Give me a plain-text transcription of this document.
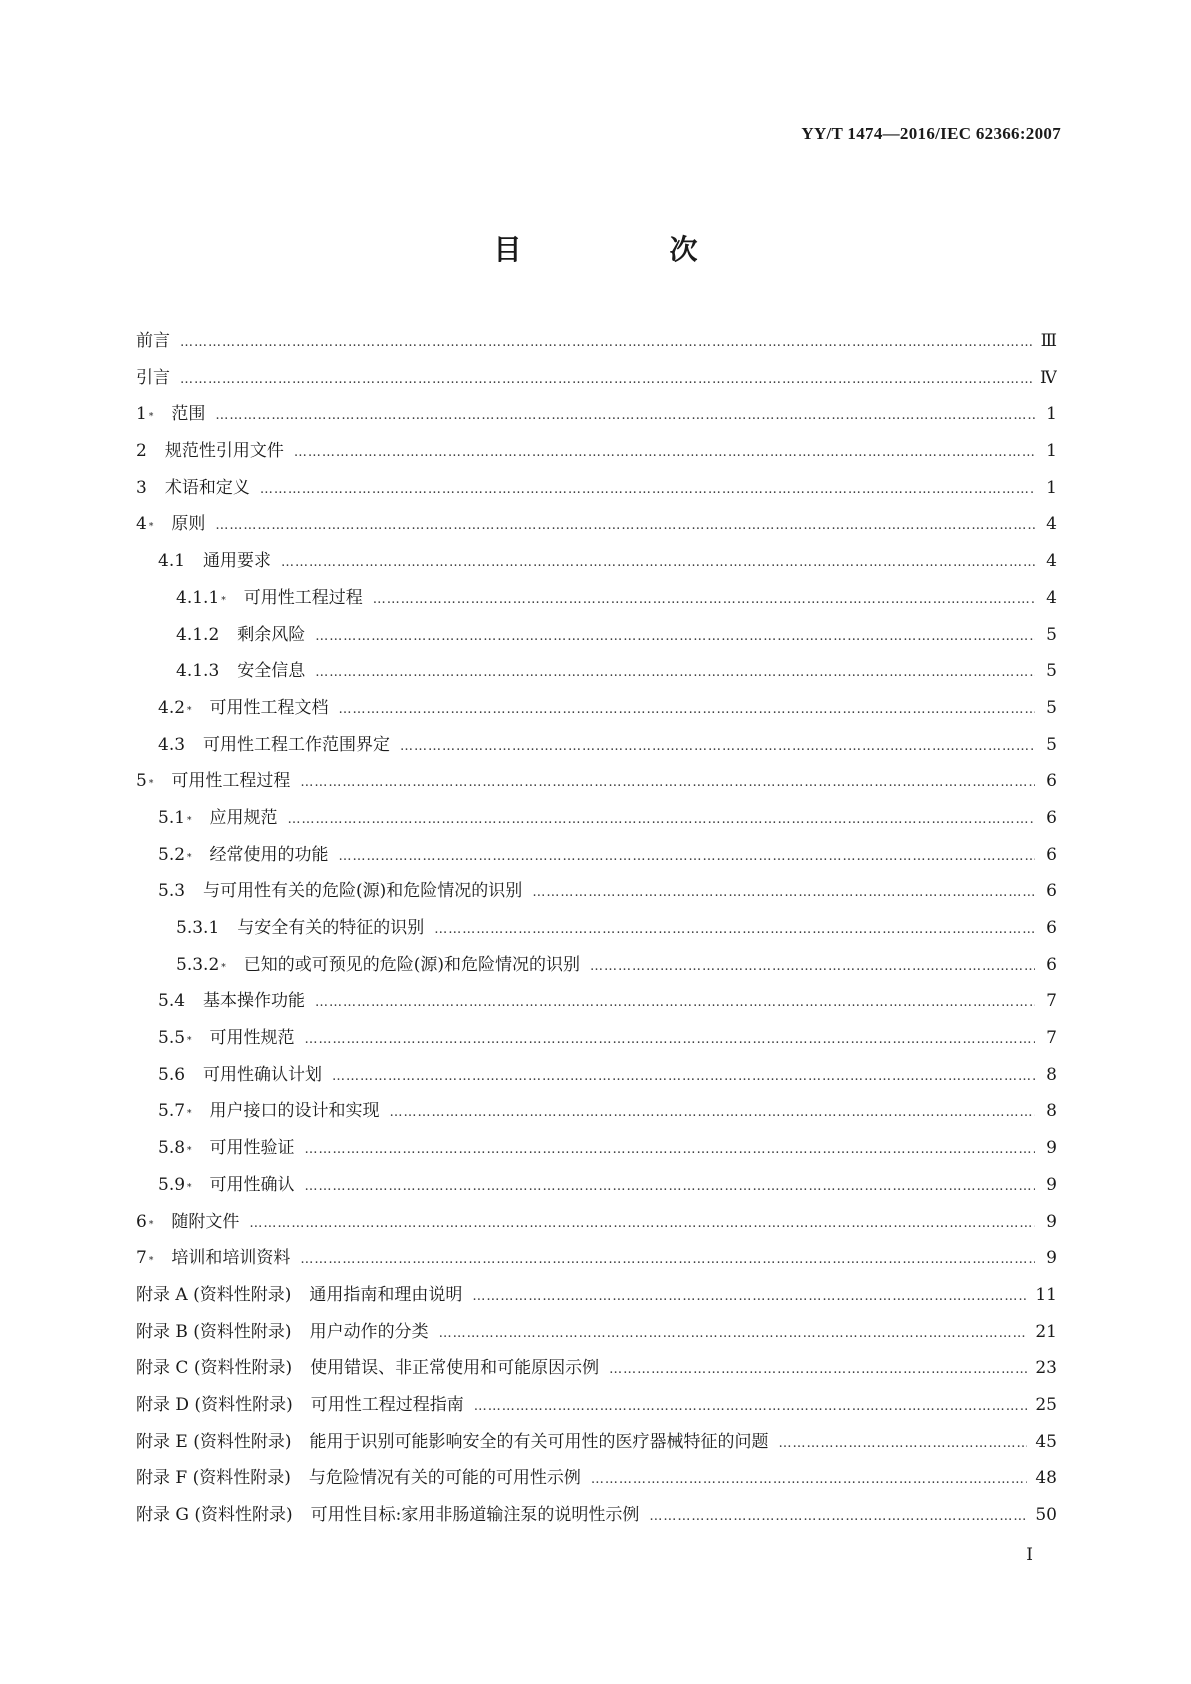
YY/T 1474—2016/IEC 62366:2007
目　次
前言 …………………………………………………………………………………………………………………………………………………………………………………………………………………………………………………………	Ⅲ
引言 …………………………………………………………………………………………………………………………………………………………………………………………………………………………………………………………	Ⅳ
1 * 范围 …………………………………………………………………………………………………………………………………………………………………………………………………………………………………………………………	1
2 规范性引用文件 …………………………………………………………………………………………………………………………………………………………………………………………………………………………………………………………	1
3 术语和定义 …………………………………………………………………………………………………………………………………………………………………………………………………………………………………………………………	1
4 * 原则 …………………………………………………………………………………………………………………………………………………………………………………………………………………………………………………………	4
4.1 通用要求 …………………………………………………………………………………………………………………………………………………………………………………………………………………………………………………………	4
4.1.1 * 可用性工程过程 …………………………………………………………………………………………………………………………………………………………………………………………………………………………………………………………	4
4.1.2 剩余风险 …………………………………………………………………………………………………………………………………………………………………………………………………………………………………………………………	5
4.1.3 安全信息 …………………………………………………………………………………………………………………………………………………………………………………………………………………………………………………………	5
4.2 * 可用性工程文档 …………………………………………………………………………………………………………………………………………………………………………………………………………………………………………………………	5
4.3 可用性工程工作范围界定 …………………………………………………………………………………………………………………………………………………………………………………………………………………………………………………………	5
5 * 可用性工程过程 …………………………………………………………………………………………………………………………………………………………………………………………………………………………………………………………	6
5.1 * 应用规范 …………………………………………………………………………………………………………………………………………………………………………………………………………………………………………………………	6
5.2 * 经常使用的功能 …………………………………………………………………………………………………………………………………………………………………………………………………………………………………………………………	6
5.3 与可用性有关的危险(源)和危险情况的识别 …………………………………………………………………………………………………………………………………………………………………………………………………………………………………………………………	6
5.3.1 与安全有关的特征的识别 …………………………………………………………………………………………………………………………………………………………………………………………………………………………………………………………	6
5.3.2 * 已知的或可预见的危险(源)和危险情况的识别 …………………………………………………………………………………………………………………………………………………………………………………………………………………………………………………………	6
5.4 基本操作功能 …………………………………………………………………………………………………………………………………………………………………………………………………………………………………………………………	7
5.5 * 可用性规范 …………………………………………………………………………………………………………………………………………………………………………………………………………………………………………………………	7
5.6 可用性确认计划 …………………………………………………………………………………………………………………………………………………………………………………………………………………………………………………………	8
5.7 * 用户接口的设计和实现 …………………………………………………………………………………………………………………………………………………………………………………………………………………………………………………………	8
5.8 * 可用性验证 …………………………………………………………………………………………………………………………………………………………………………………………………………………………………………………………	9
5.9 * 可用性确认 …………………………………………………………………………………………………………………………………………………………………………………………………………………………………………………………	9
6 * 随附文件 …………………………………………………………………………………………………………………………………………………………………………………………………………………………………………………………	9
7 * 培训和培训资料 …………………………………………………………………………………………………………………………………………………………………………………………………………………………………………………………	9
附录 A (资料性附录) 通用指南和理由说明 …………………………………………………………………………………………………………………………………………………………………………………………………………………………………………………………	11
附录 B (资料性附录) 用户动作的分类 …………………………………………………………………………………………………………………………………………………………………………………………………………………………………………………………	21
附录 C (资料性附录) 使用错误、非正常使用和可能原因示例 …………………………………………………………………………………………………………………………………………………………………………………………………………………………………………………………	23
附录 D (资料性附录) 可用性工程过程指南 …………………………………………………………………………………………………………………………………………………………………………………………………………………………………………………………	25
附录 E (资料性附录) 能用于识别可能影响安全的有关可用性的医疗器械特征的问题 …………………………………………………………………………………………………………………………………………………………………………………………………………………………………………………………	45
附录 F (资料性附录) 与危险情况有关的可能的可用性示例 …………………………………………………………………………………………………………………………………………………………………………………………………………………………………………………………	48
附录 G (资料性附录) 可用性目标:家用非肠道输注泵的说明性示例 …………………………………………………………………………………………………………………………………………………………………………………………………………………………………………………………	50
I
